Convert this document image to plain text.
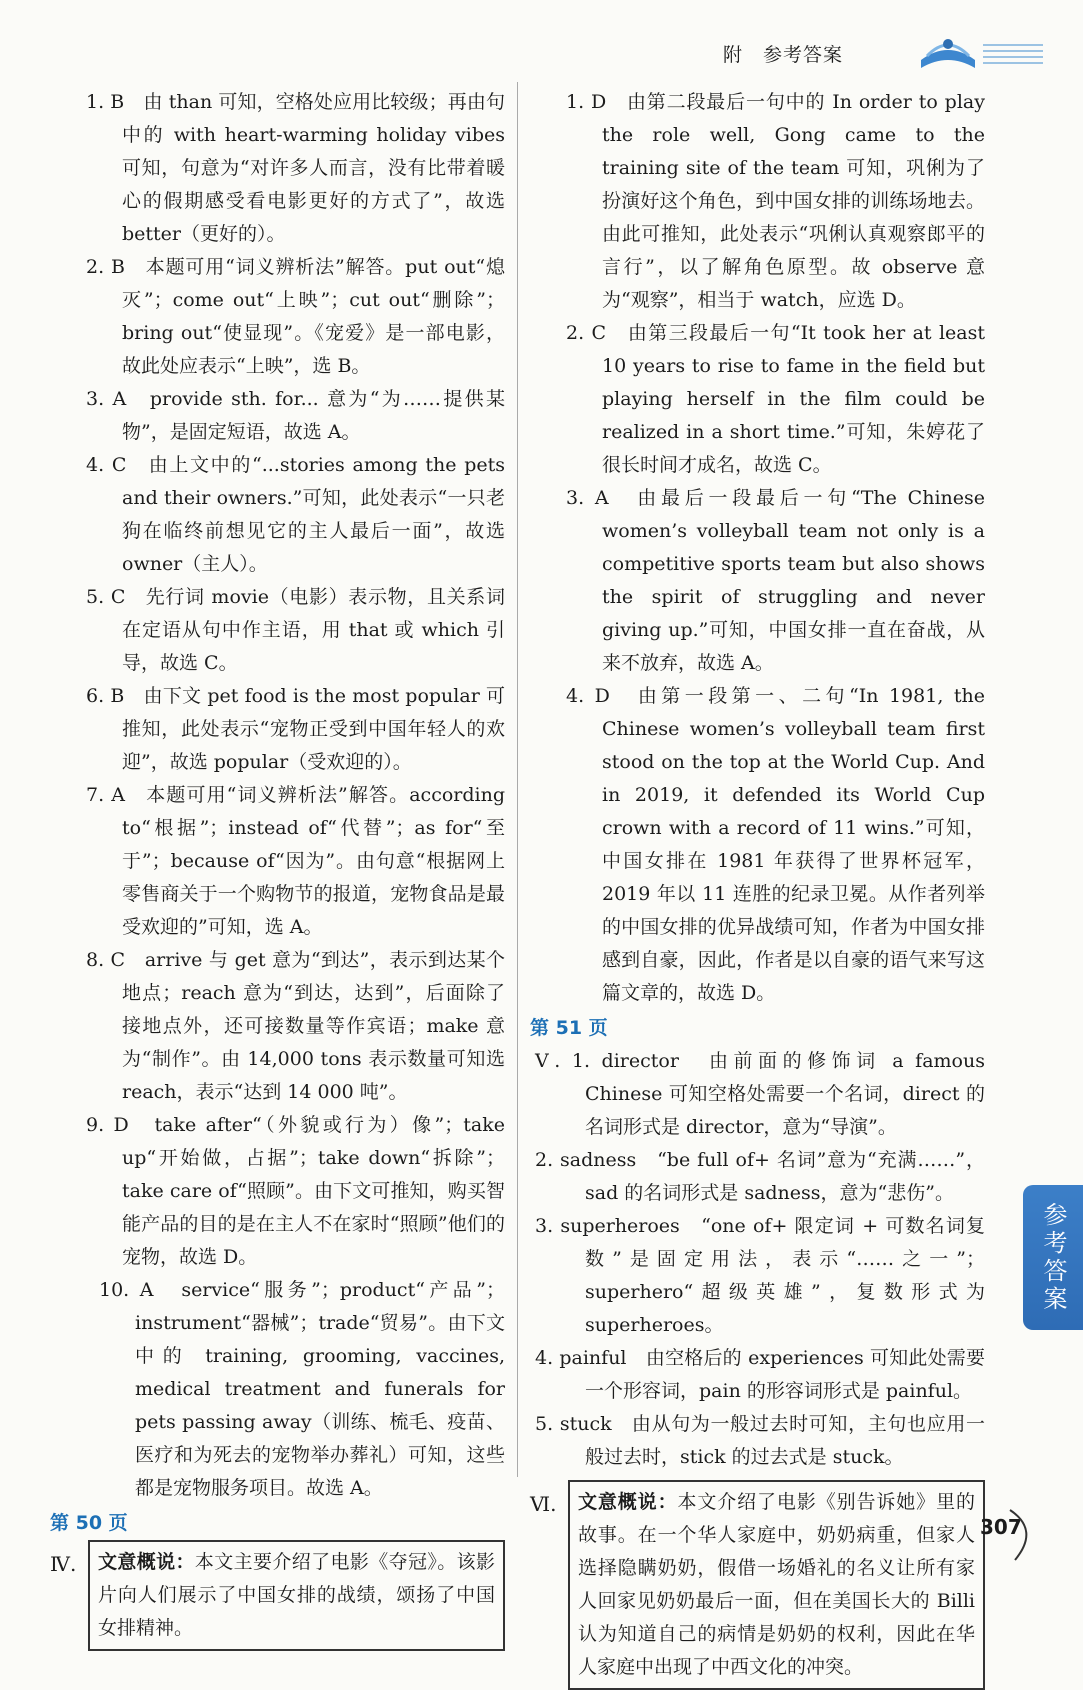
附　参考答案
1. B　 由 than 可知，空格处应用比较级；再由句中的 with heart-warming holiday vibes 可知，句意为“对许多人而言，没有比带着暖心的假期感受看电影更好的方式了”，故选 better（更好的）。
2. B　 本题可用“词义辨析法”解答。put out“熄灭”；come out“上映”；cut out“删除”；bring out“使显现”。《宠爱》是一部电影，故此处应表示“上映”，选 B。
3. A　 provide sth. for... 意为“为……提供某物”，是固定短语，故选 A。
4. C　 由上文中的“...stories among the pets and their owners.”可知，此处表示“一只老狗在临终前想见它的主人最后一面”，故选 owner（主人）。
5. C　 先行词 movie（电影）表示物，且关系词在定语从句中作主语，用 that 或 which 引导，故选 C。
6. B　 由下文 pet food is the most popular 可推知，此处表示“宠物正受到中国年轻人的欢迎”，故选 popular（受欢迎的）。
7. A　 本题可用“词义辨析法”解答。according to“根据”；instead of“代替”；as for“至于”；because of“因为”。由句意“根据网上零售商关于一个购物节的报道，宠物食品是最受欢迎的”可知，选 A。
8. C　 arrive 与 get 意为“到达”，表示到达某个地点；reach 意为“到达，达到”，后面除了接地点外，还可接数量等作宾语；make 意为“制作”。由 14,000 tons 表示数量可知选 reach，表示“达到 14 000 吨”。
9. D　 take after“（外貌或行为）像”；take up“开始做，占据”；take down“拆除”；take care of“照顾”。由下文可推知，购买智能产品的目的是在主人不在家时“照顾”他们的宠物，故选 D。
10. A　 service“服务”；product“产品”；instrument“器械”；trade“贸易”。由下文中的 training, grooming, vaccines, medical treatment and funerals for pets passing away（训练、梳毛、疫苗、医疗和为死去的宠物举办葬礼）可知，这些都是宠物服务项目。故选 A。
第 50 页
Ⅳ.	文意概说：本文主要介绍了电影《夺冠》。该影片向人们展示了中国女排的战绩，颂扬了中国女排精神。
1. D　 由第二段最后一句中的 In order to play the role well, Gong came to the training site of the team 可知，巩俐为了扮演好这个角色，到中国女排的训练场地去。由此可推知，此处表示“巩俐认真观察郎平的言行”，以了解角色原型。故 observe 意为“观察”，相当于 watch，应选 D。
2. C　 由第三段最后一句“It took her at least 10 years to rise to fame in the field but playing herself in the film could be realized in a short time.”可知，朱婷花了很长时间才成名，故选 C。
3. A　 由最后一段最后一句“The Chinese women’s volleyball team not only is a competitive sports team but also shows the spirit of struggling and never giving up.”可知，中国女排一直在奋战，从来不放弃，故选 A。
4. D　 由第一段第一、二句“In 1981, the Chinese women’s volleyball team first stood on the top at the World Cup. And in 2019, it defended its World Cup crown with a record of 11 wins.”可知，中国女排在 1981 年获得了世界杯冠军，2019 年以 11 连胜的纪录卫冕。从作者列举的中国女排的优异战绩可知，作者为中国女排感到自豪，因此，作者是以自豪的语气来写这篇文章的，故选 D。
第 51 页
Ⅴ. 1. director　 由前面的修饰词 a famous Chinese 可知空格处需要一个名词，direct 的名词形式是 director，意为“导演”。
2. sadness　 “be full of+ 名词”意为“充满……”，sad 的名词形式是 sadness，意为“悲伤”。
3. superheroes　 “one of+ 限定词 + 可数名词复数”是固定用法，表示“……之一”；superhero“超级英雄”，复数形式为 superheroes。
4. painful　 由空格后的 experiences 可知此处需要一个形容词，pain 的形容词形式是 painful。
5. stuck　 由从句为一般过去时可知，主句也应用一般过去时，stick 的过去式是 stuck。
Ⅵ.	文意概说：本文介绍了电影《别告诉她》里的故事。在一个华人家庭中，奶奶病重，但家人选择隐瞒奶奶，假借一场婚礼的名义让所有家人回家见奶奶最后一面，但在美国长大的 Billi 认为知道自己的病情是奶奶的权利，因此在华人家庭中出现了中西文化的冲突。
参考答案
307
